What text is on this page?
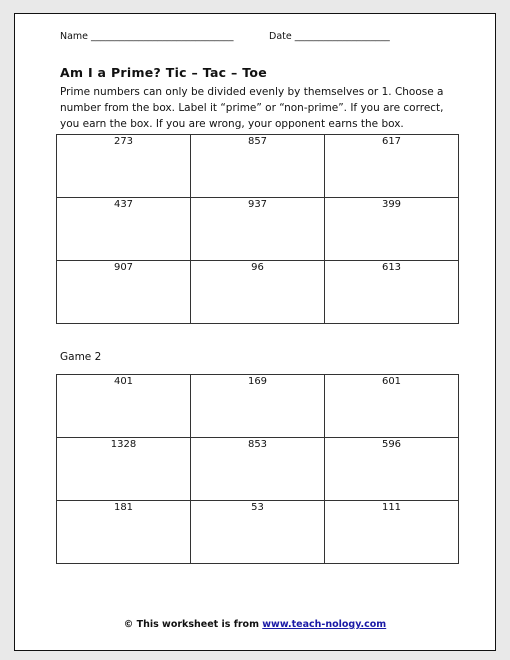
Name ______________________________	Date ____________________
Am I a Prime? Tic – Tac – Toe
Prime numbers can only be divided evenly by themselves or 1. Choose a number from the box. Label it “prime” or “non-prime”. If you are correct, you earn the box. If you are wrong, your opponent earns the box.
273	857	617
437	937	399
907	96	613
Game 2
401	169	601
1328	853	596
181	53	111
© This worksheet is from www.teach-nology.com
